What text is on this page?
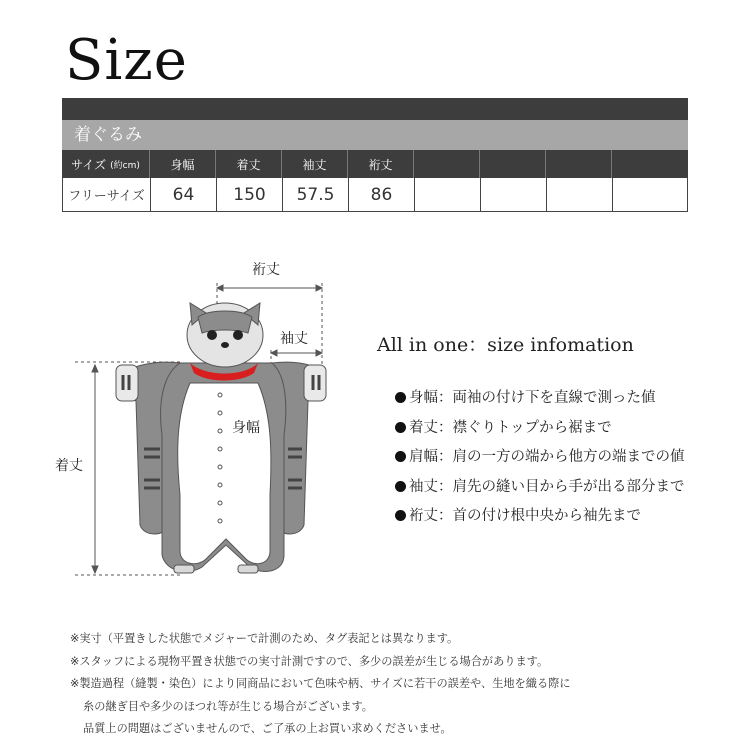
Size
着ぐるみ
サイズ (約cm)	身幅	着丈	袖丈	裄丈
フリーサイズ	64	150	57.5	86
裄丈
袖丈
身幅
着丈
All in one：size infomation
身幅：両袖の付け下を直線で測った値
着丈：襟ぐりトップから裾まで
肩幅：肩の一方の端から他方の端までの値
袖丈：肩先の縫い目から手が出る部分まで
裄丈：首の付け根中央から袖先まで
※実寸（平置きした状態でメジャーで計測のため、タグ表記とは異なります。
※スタッフによる現物平置き状態での実寸計測ですので、多少の誤差が生じる場合があります。
※製造過程（縫製・染色）により同商品において色味や柄、サイズに若干の誤差や、生地を織る際に
糸の継ぎ目や多少のほつれ等が生じる場合がございます。
品質上の問題はございませんので、ご了承の上お買い求めくださいませ。
